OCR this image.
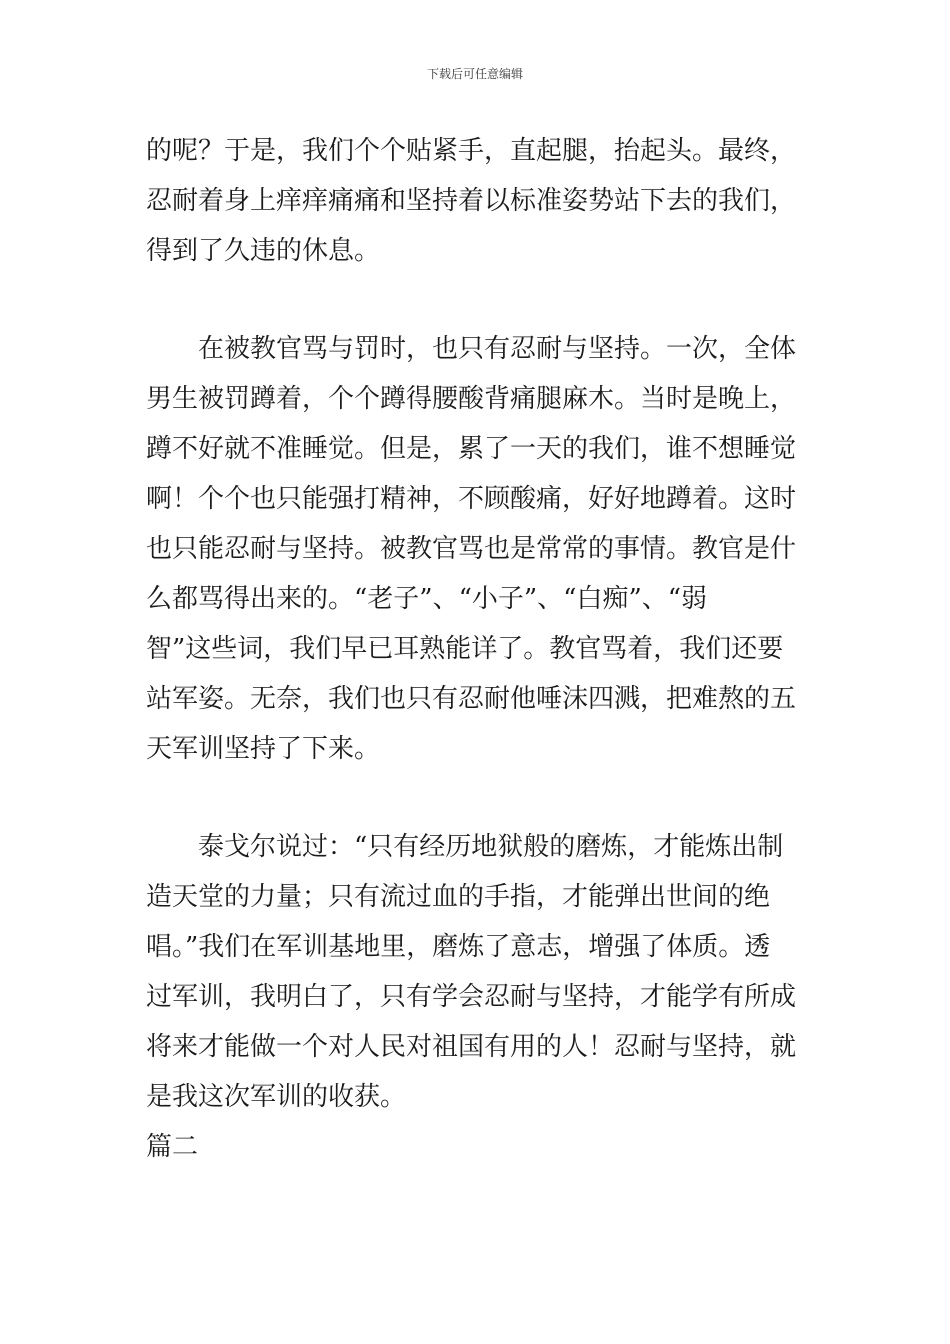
下载后可任意编辑
的呢？于是，我们个个贴紧手，直起腿，抬起头。最终，
忍耐着身上痒痒痛痛和坚持着以标准姿势站下去的我们，
得到了久违的休息。
　　在被教官骂与罚时，也只有忍耐与坚持。一次，全体
男生被罚蹲着，个个蹲得腰酸背痛腿麻木。当时是晚上，
蹲不好就不准睡觉。但是，累了一天的我们，谁不想睡觉
啊！个个也只能强打精神，不顾酸痛，好好地蹲着。这时
也只能忍耐与坚持。被教官骂也是常常的事情。教官是什
么都骂得出来的。“老子”、“小子”、“白痴”、“弱
智”这些词，我们早已耳熟能详了。教官骂着，我们还要
站军姿。无奈，我们也只有忍耐他唾沫四溅，把难熬的五
天军训坚持了下来。
　　泰戈尔说过：“只有经历地狱般的磨炼，才能炼出制
造天堂的力量；只有流过血的手指，才能弹出世间的绝
唱。”我们在军训基地里，磨炼了意志，增强了体质。透
过军训，我明白了，只有学会忍耐与坚持，才能学有所成
将来才能做一个对人民对祖国有用的人！忍耐与坚持，就
是我这次军训的收获。
篇二
